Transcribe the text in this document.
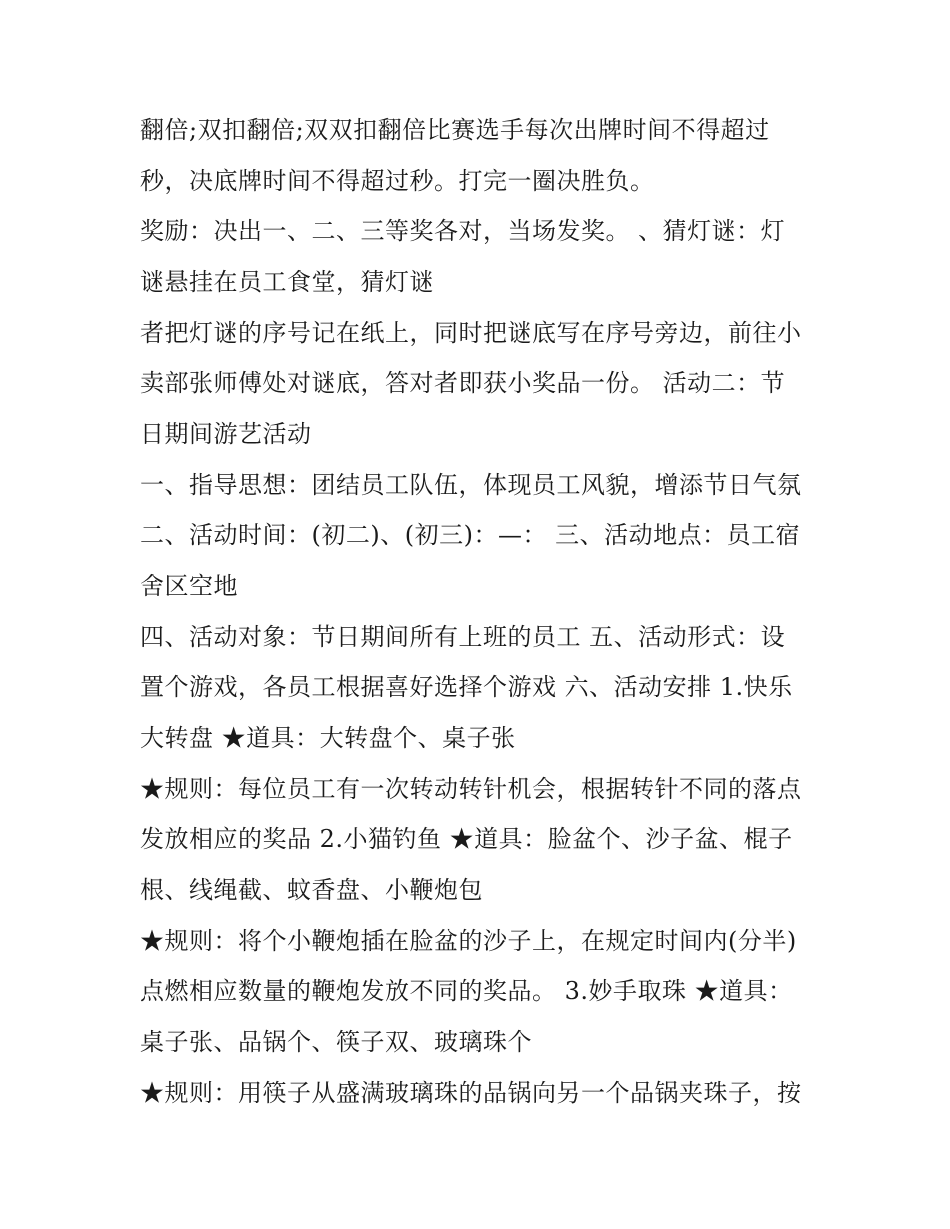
翻倍;双扣翻倍;双双扣翻倍比赛选手每次出牌时间不得超过
秒，决底牌时间不得超过秒。打完一圈决胜负。
奖励：决出一、二、三等奖各对，当场发奖。 、猜灯谜：灯
谜悬挂在员工食堂，猜灯谜
者把灯谜的序号记在纸上，同时把谜底写在序号旁边，前往小
卖部张师傅处对谜底，答对者即获小奖品一份。 活动二：节
日期间游艺活动
一、指导思想：团结员工队伍，体现员工风貌，增添节日气氛
二、活动时间：(初二)、(初三)：—： 三、活动地点：员工宿
舍区空地
四、活动对象：节日期间所有上班的员工 五、活动形式：设
置个游戏，各员工根据喜好选择个游戏 六、活动安排 1.快乐
大转盘 ★道具：大转盘个、桌子张
★规则：每位员工有一次转动转针机会，根据转针不同的落点
发放相应的奖品 2.小猫钓鱼 ★道具：脸盆个、沙子盆、棍子
根、线绳截、蚊香盘、小鞭炮包
★规则：将个小鞭炮插在脸盆的沙子上，在规定时间内(分半)
点燃相应数量的鞭炮发放不同的奖品。 3.妙手取珠 ★道具：
桌子张、品锅个、筷子双、玻璃珠个
★规则：用筷子从盛满玻璃珠的品锅向另一个品锅夹珠子，按
